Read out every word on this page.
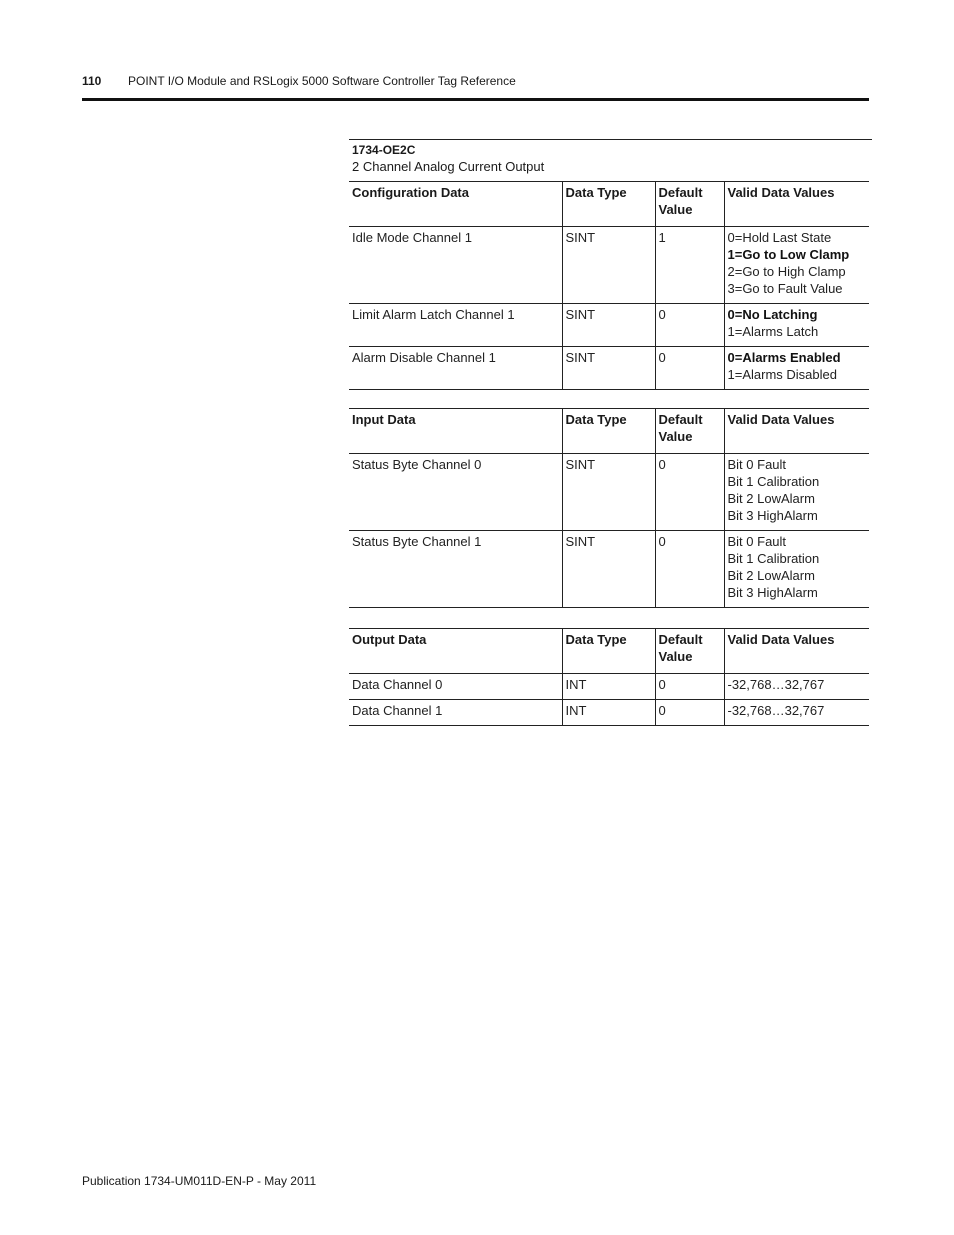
110 POINT I/O Module and RSLogix 5000 Software Controller Tag Reference
1734-OE2C
2 Channel Analog Current Output
Configuration Data	Data Type	Default Value	Valid Data Values
Idle Mode Channel 1	SINT	1	0=Hold Last State
1=Go to Low Clamp
2=Go to High Clamp
3=Go to Fault Value

Limit Alarm Latch Channel 1	SINT	0	0=No Latching
1=Alarms Latch

Alarm Disable Channel 1	SINT	0	0=Alarms Enabled
1=Alarms Disabled
Input Data	Data Type	Default Value	Valid Data Values
Status Byte Channel 0	SINT	0	Bit 0 Fault
Bit 1 Calibration
Bit 2 LowAlarm
Bit 3 HighAlarm

Status Byte Channel 1	SINT	0	Bit 0 Fault
Bit 1 Calibration
Bit 2 LowAlarm
Bit 3 HighAlarm
Output Data	Data Type	Default Value	Valid Data Values
Data Channel 0	INT	0	-32,768…32,767

Data Channel 1	INT	0	-32,768…32,767
Publication 1734-UM011D-EN-P - May 2011
